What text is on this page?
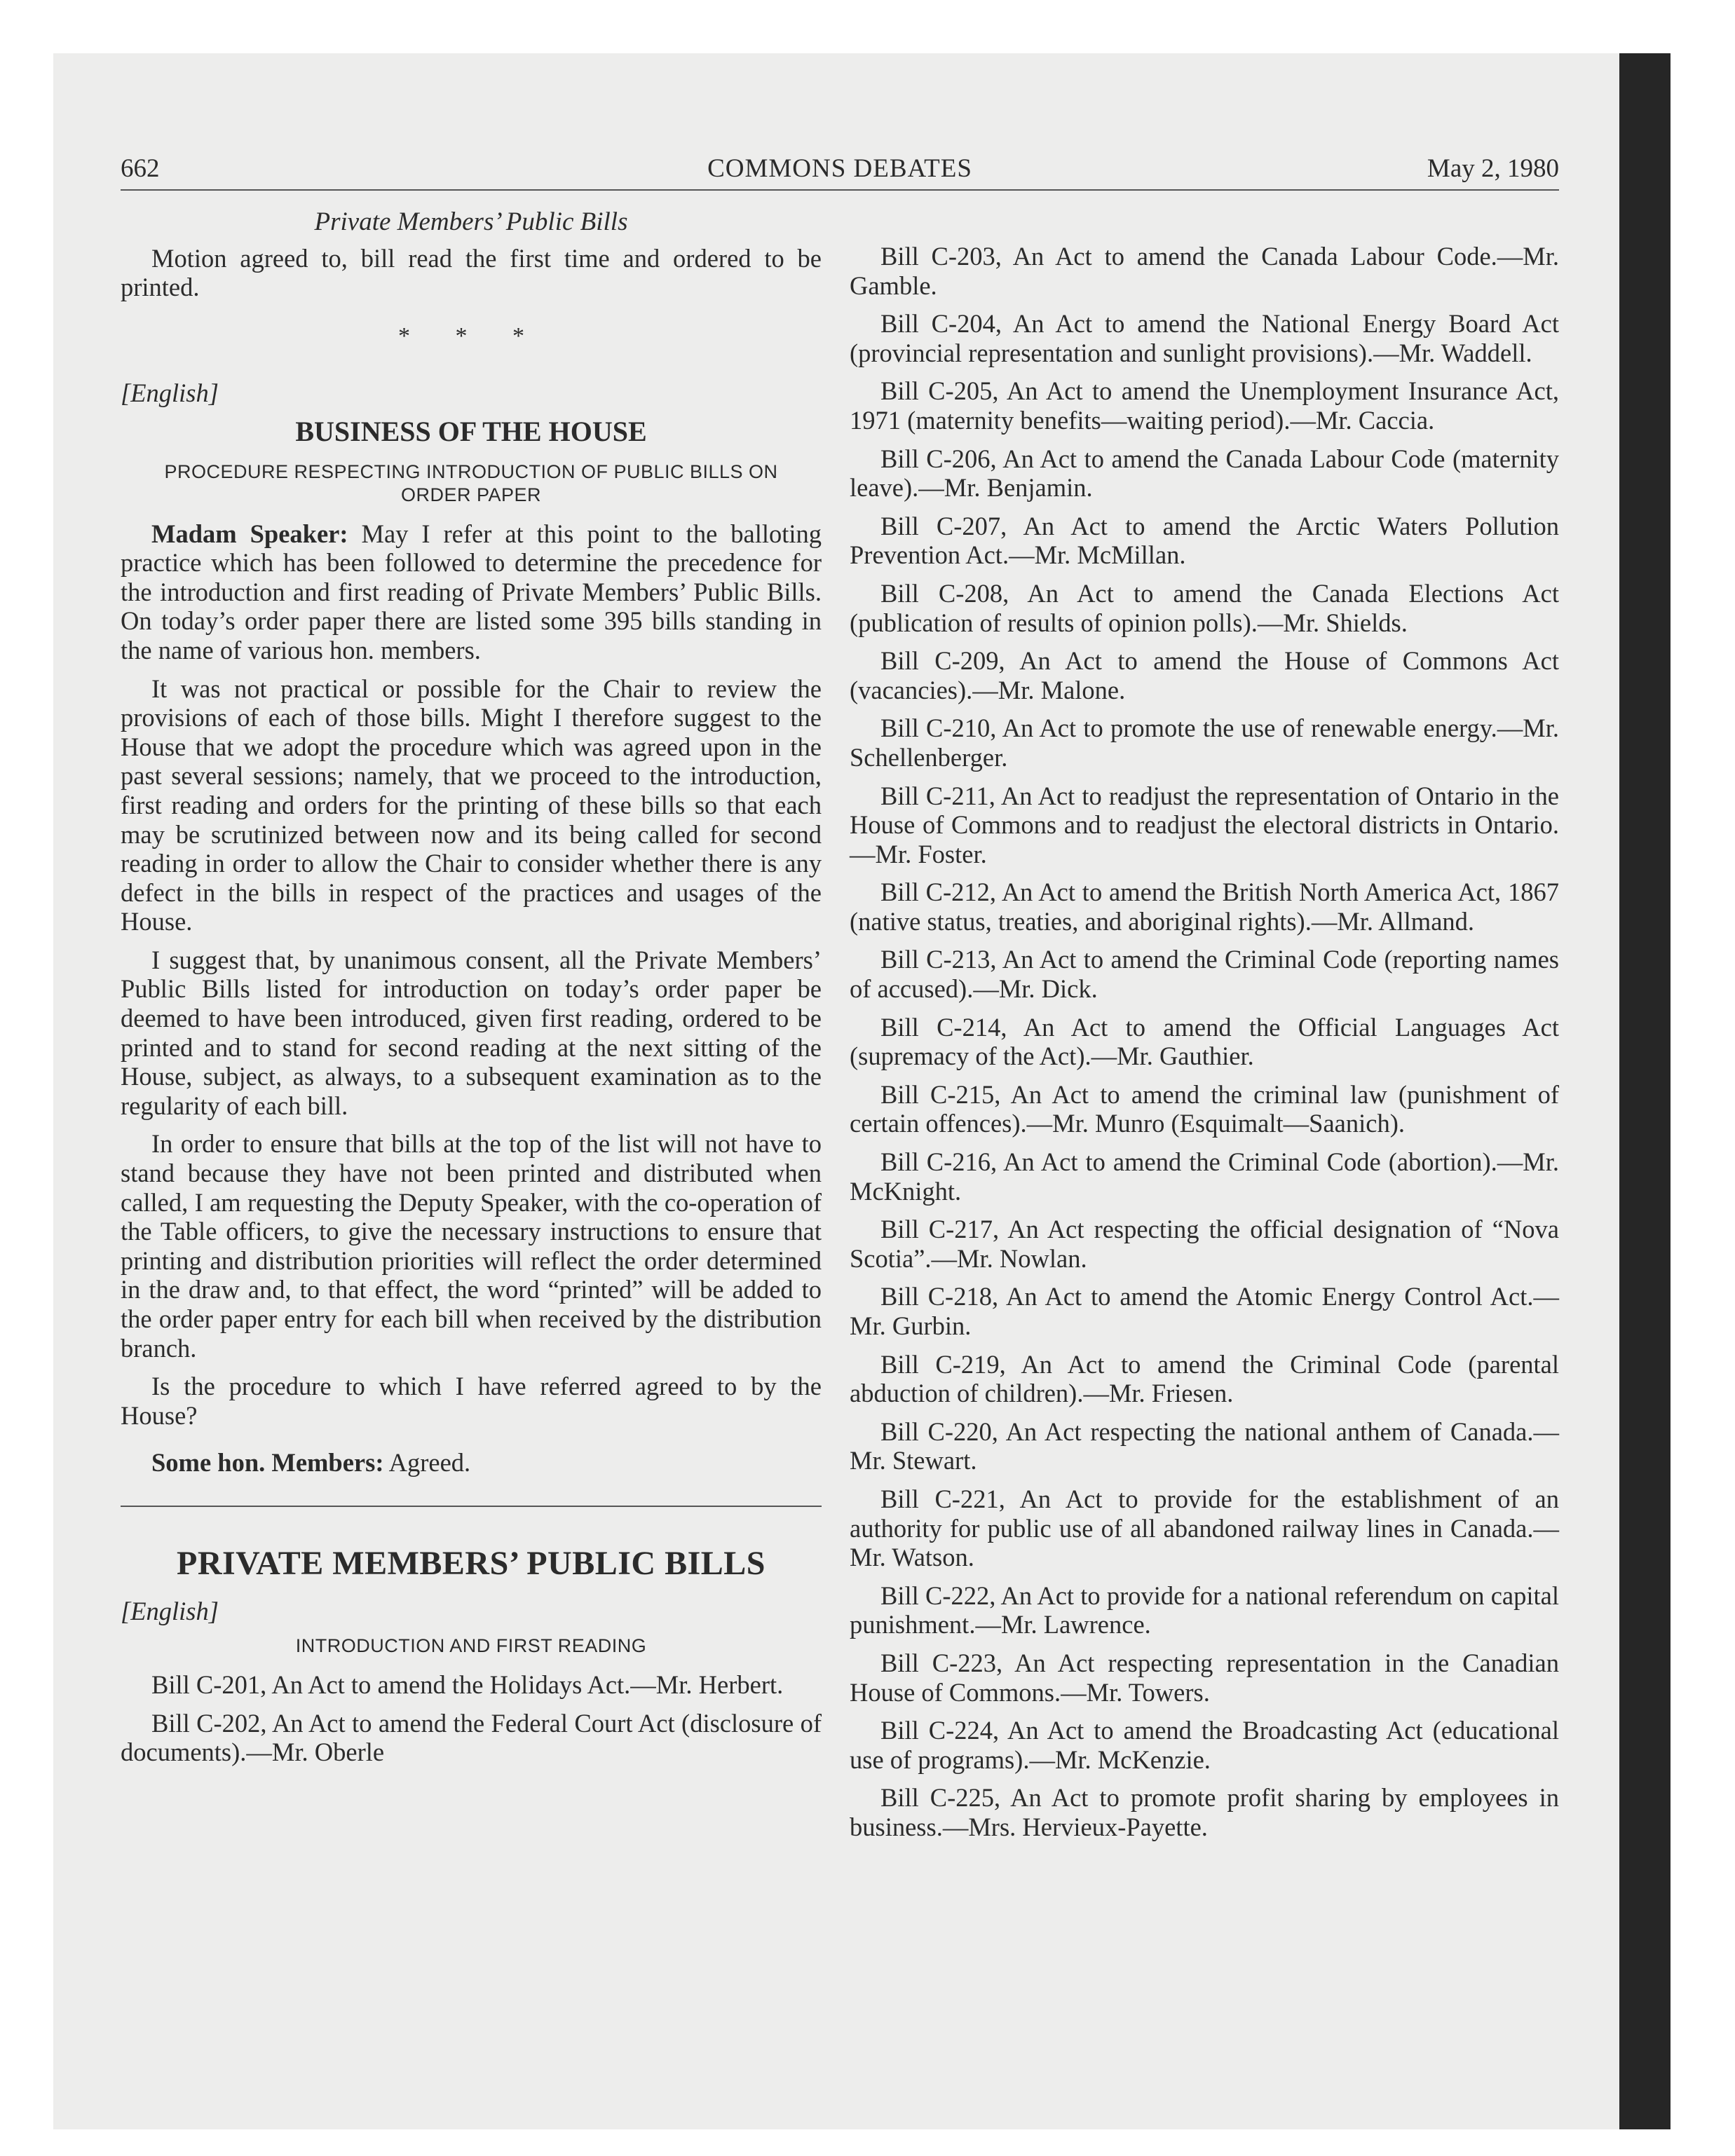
662	COMMONS DEBATES	May 2, 1980
Private Members’ Public Bills

Motion agreed to, bill read the first time and ordered to be printed.

* * *

[English]

BUSINESS OF THE HOUSE
PROCEDURE RESPECTING INTRODUCTION OF PUBLIC BILLS ON ORDER PAPER

Madam Speaker: May I refer at this point to the balloting practice which has been followed to determine the precedence for the introduction and first reading of Private Members’ Public Bills. On today’s order paper there are listed some 395 bills standing in the name of various hon. members.

It was not practical or possible for the Chair to review the provisions of each of those bills. Might I therefore suggest to the House that we adopt the procedure which was agreed upon in the past several sessions; namely, that we proceed to the introduction, first reading and orders for the printing of these bills so that each may be scrutinized between now and its being called for second reading in order to allow the Chair to consider whether there is any defect in the bills in respect of the practices and usages of the House.

I suggest that, by unanimous consent, all the Private Members’ Public Bills listed for introduction on today’s order paper be deemed to have been introduced, given first reading, ordered to be printed and to stand for second reading at the next sitting of the House, subject, as always, to a subsequent examination as to the regularity of each bill.

In order to ensure that bills at the top of the list will not have to stand because they have not been printed and distributed when called, I am requesting the Deputy Speaker, with the co-operation of the Table officers, to give the necessary instructions to ensure that printing and distribution priorities will reflect the order determined in the draw and, to that effect, the word “printed” will be added to the order paper entry for each bill when received by the distribution branch.

Is the procedure to which I have referred agreed to by the House?

Some hon. Members: Agreed.

PRIVATE MEMBERS’ PUBLIC BILLS

[English]

INTRODUCTION AND FIRST READING

Bill C-201, An Act to amend the Holidays Act.—Mr. Herbert.

Bill C-202, An Act to amend the Federal Court Act (disclosure of documents).—Mr. Oberle

Bill C-203, An Act to amend the Canada Labour Code.—Mr. Gamble.

Bill C-204, An Act to amend the National Energy Board Act (provincial representation and sunlight provisions).—Mr. Waddell.

Bill C-205, An Act to amend the Unemployment Insurance Act, 1971 (maternity benefits—waiting period).—Mr. Caccia.

Bill C-206, An Act to amend the Canada Labour Code (maternity leave).—Mr. Benjamin.

Bill C-207, An Act to amend the Arctic Waters Pollution Prevention Act.—Mr. McMillan.

Bill C-208, An Act to amend the Canada Elections Act (publication of results of opinion polls).—Mr. Shields.

Bill C-209, An Act to amend the House of Commons Act (vacancies).—Mr. Malone.

Bill C-210, An Act to promote the use of renewable energy.—Mr. Schellenberger.

Bill C-211, An Act to readjust the representation of Ontario in the House of Commons and to readjust the electoral districts in Ontario.—Mr. Foster.

Bill C-212, An Act to amend the British North America Act, 1867 (native status, treaties, and aboriginal rights).—Mr. Allmand.

Bill C-213, An Act to amend the Criminal Code (reporting names of accused).—Mr. Dick.

Bill C-214, An Act to amend the Official Languages Act (supremacy of the Act).—Mr. Gauthier.

Bill C-215, An Act to amend the criminal law (punishment of certain offences).—Mr. Munro (Esquimalt—Saanich).

Bill C-216, An Act to amend the Criminal Code (abortion).—Mr. McKnight.

Bill C-217, An Act respecting the official designation of “Nova Scotia”.—Mr. Nowlan.

Bill C-218, An Act to amend the Atomic Energy Control Act.—Mr. Gurbin.

Bill C-219, An Act to amend the Criminal Code (parental abduction of children).—Mr. Friesen.

Bill C-220, An Act respecting the national anthem of Canada.—Mr. Stewart.

Bill C-221, An Act to provide for the establishment of an authority for public use of all abandoned railway lines in Canada.—Mr. Watson.

Bill C-222, An Act to provide for a national referendum on capital punishment.—Mr. Lawrence.

Bill C-223, An Act respecting representation in the Canadian House of Commons.—Mr. Towers.

Bill C-224, An Act to amend the Broadcasting Act (educational use of programs).—Mr. McKenzie.

Bill C-225, An Act to promote profit sharing by employees in business.—Mrs. Hervieux-Payette.
